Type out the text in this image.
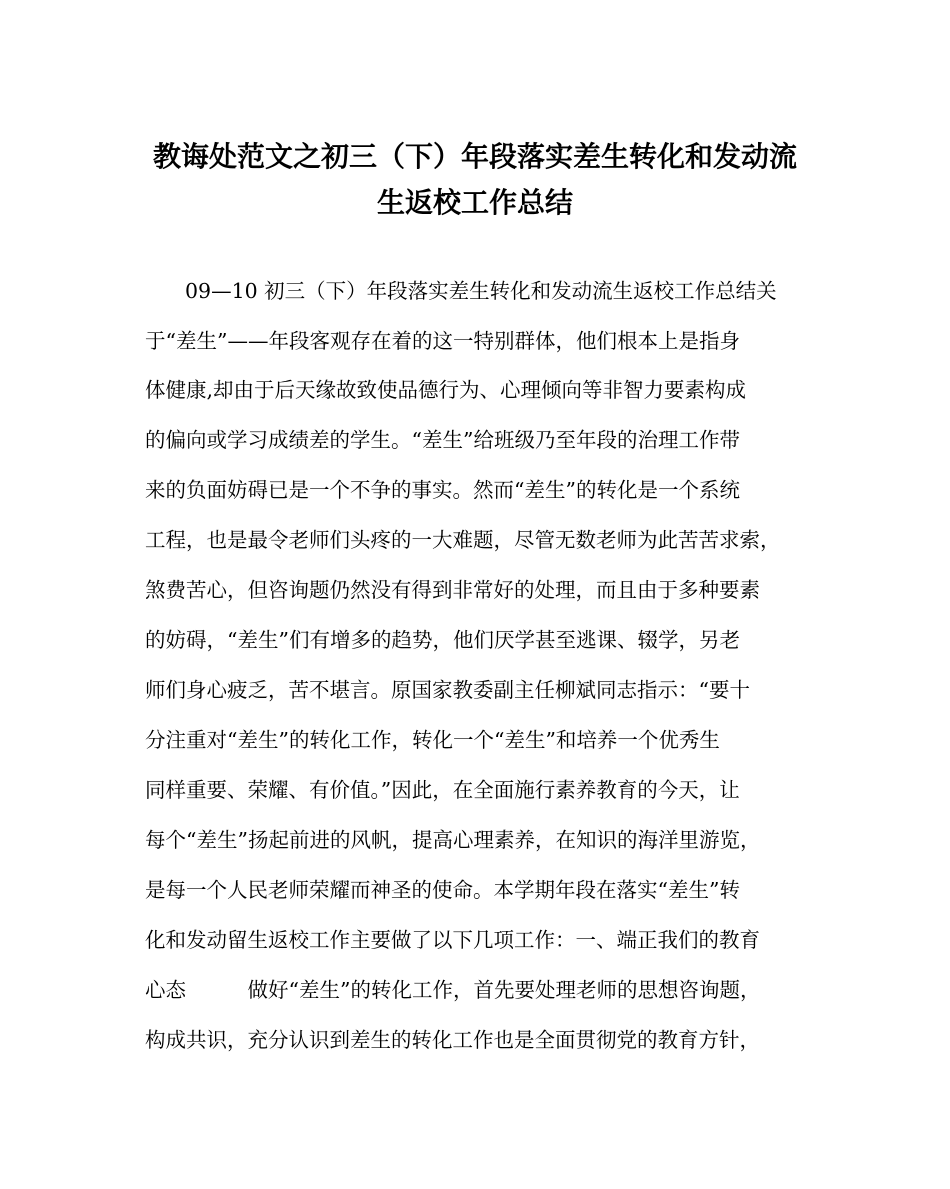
教诲处范文之初三（下）年段落实差生转化和发动流
生返校工作总结

09—10 初三（下）年段落实差生转化和发动流生返校工作总结关

于“差生”——年段客观存在着的这一特别群体，他们根本上是指身

体健康,却由于后天缘故致使品德行为、心理倾向等非智力要素构成

的偏向或学习成绩差的学生。“差生”给班级乃至年段的治理工作带

来的负面妨碍已是一个不争的事实。然而“差生”的转化是一个系统

工程，也是最令老师们头疼的一大难题，尽管无数老师为此苦苦求索，

煞费苦心，但咨询题仍然没有得到非常好的处理，而且由于多种要素

的妨碍，“差生”们有增多的趋势，他们厌学甚至逃课、辍学，另老

师们身心疲乏，苦不堪言。原国家教委副主任柳斌同志指示：“要十

分注重对“差生”的转化工作，转化一个“差生”和培养一个优秀生

同样重要、荣耀、有价值。”因此，在全面施行素养教育的今天，让

每个“差生”扬起前进的风帆，提高心理素养，在知识的海洋里游览，

是每一个人民老师荣耀而神圣的使命。本学期年段在落实“差生”转

化和发动留生返校工作主要做了以下几项工作：一、端正我们的教育

心态　　　做好“差生”的转化工作，首先要处理老师的思想咨询题，

构成共识，充分认识到差生的转化工作也是全面贯彻党的教育方针，
